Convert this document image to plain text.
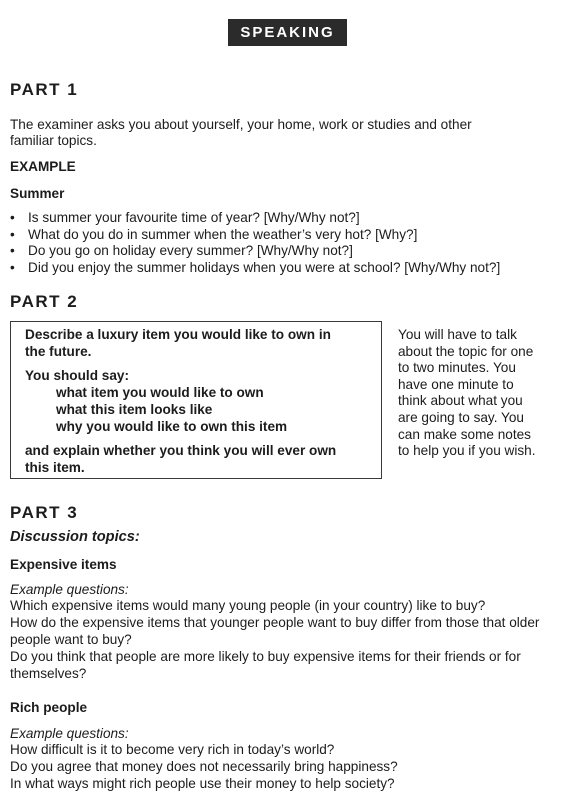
SPEAKING
PART 1
The examiner asks you about yourself, your home, work or studies and other
familiar topics.
EXAMPLE
Summer
• Is summer your favourite time of year? [Why/Why not?]
• What do you do in summer when the weather’s very hot? [Why?]
• Do you go on holiday every summer? [Why/Why not?]
• Did you enjoy the summer holidays when you were at school? [Why/Why not?]
PART 2
Describe a luxury item you would like to own in
the future.
You should say:
what item you would like to own
what this item looks like
why you would like to own this item
and explain whether you think you will ever own
this item.
You will have to talk
about the topic for one
to two minutes. You
have one minute to
think about what you
are going to say. You
can make some notes
to help you if you wish.
PART 3
Discussion topics:
Expensive items
Example questions:
Which expensive items would many young people (in your country) like to buy?
How do the expensive items that younger people want to buy differ from those that older
people want to buy?
Do you think that people are more likely to buy expensive items for their friends or for
themselves?
Rich people
Example questions:
How difficult is it to become very rich in today’s world?
Do you agree that money does not necessarily bring happiness?
In what ways might rich people use their money to help society?
